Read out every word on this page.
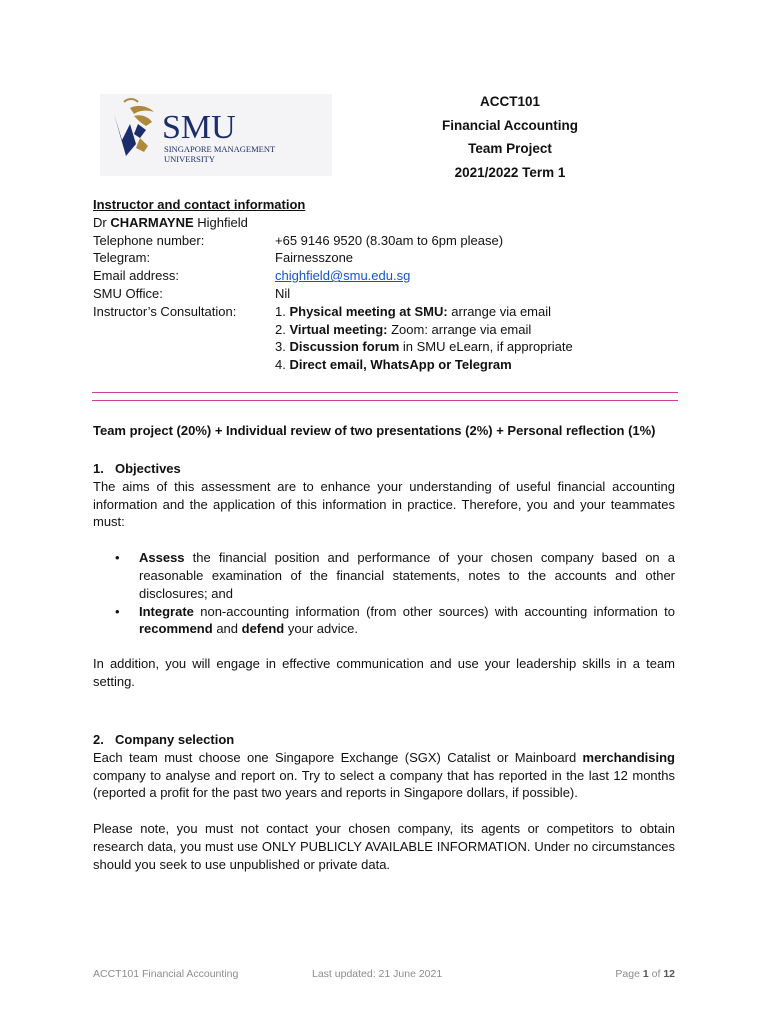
SMU
SINGAPORE MANAGEMENT
UNIVERSITY
ACCT101
Financial Accounting
Team Project
2021/2022 Term 1
Instructor and contact information
Dr CHARMAYNE Highfield
Telephone number:	+65 9146 9520 (8.30am to 6pm please)
Telegram:	Fairnesszone
Email address:	chighfield@smu.edu.sg
SMU Office:	Nil
Instructor’s Consultation:	1. Physical meeting at SMU: arrange via email
2. Virtual meeting: Zoom: arrange via email
3. Discussion forum in SMU eLearn, if appropriate
4. Direct email, WhatsApp or Telegram
Team project (20%) + Individual review of two presentations (2%) + Personal reflection (1%)
1. Objectives

The aims of this assessment are to enhance your understanding of useful financial accounting information and the application of this information in practice. Therefore, you and your teammates must:

• Assess the financial position and performance of your chosen company based on a reasonable examination of the financial statements, notes to the accounts and other disclosures; and
• Integrate non-accounting information (from other sources) with accounting information to recommend and defend your advice.

In addition, you will engage in effective communication and use your leadership skills in a team setting.

2. Company selection

Each team must choose one Singapore Exchange (SGX) Catalist or Mainboard merchandising company to analyse and report on. Try to select a company that has reported in the last 12 months (reported a profit for the past two years and reports in Singapore dollars, if possible).

Please note, you must not contact your chosen company, its agents or competitors to obtain research data, you must use ONLY PUBLICLY AVAILABLE INFORMATION. Under no circumstances should you seek to use unpublished or private data.

ACCT101 Financial Accounting	Last updated: 21 June 2021	Page 1 of 12
